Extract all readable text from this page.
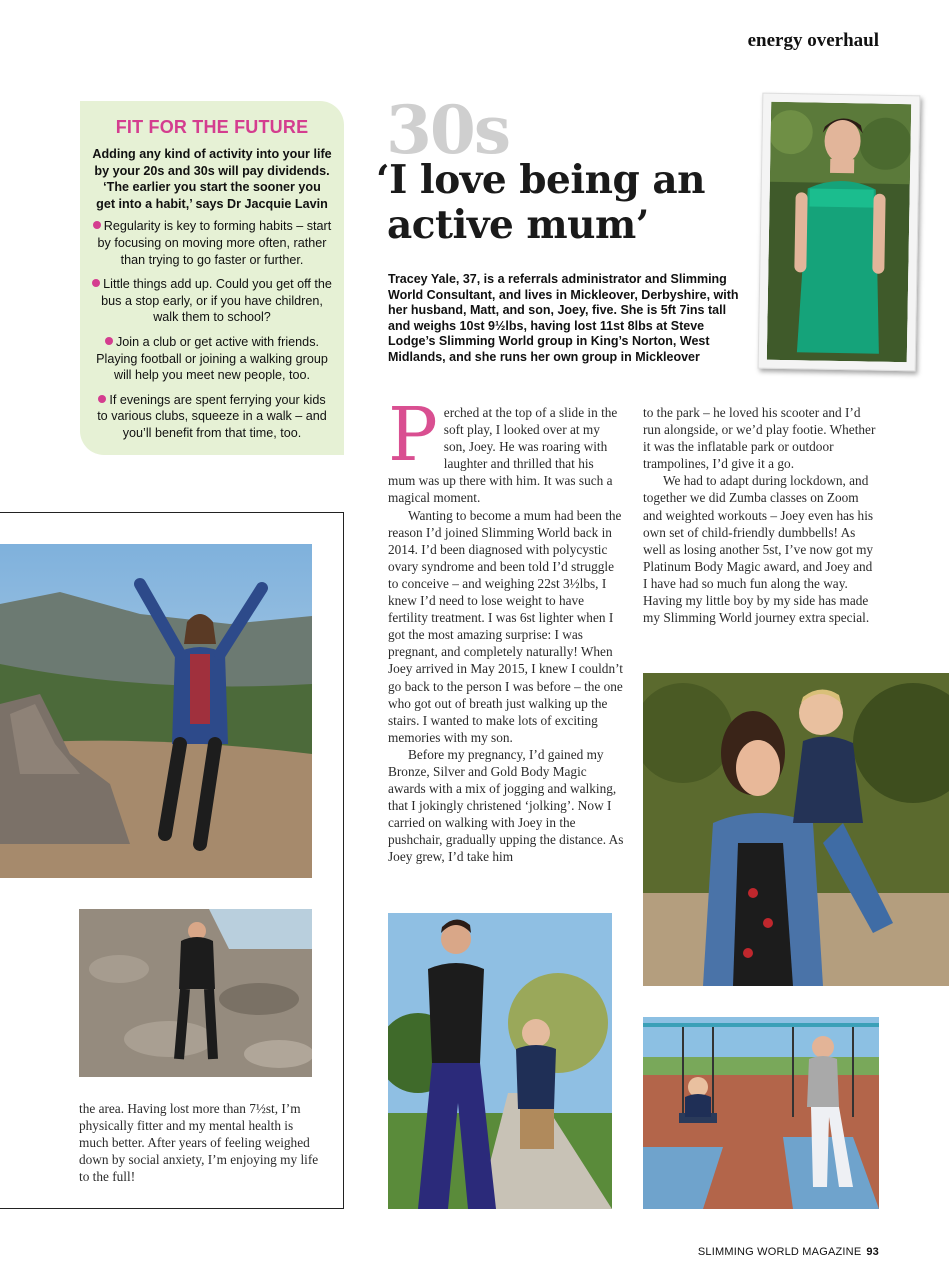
energy overhaul
FIT FOR THE FUTURE
Adding any kind of activity into your life by your 20s and 30s will pay dividends. ‘The earlier you start the sooner you get into a habit,’ says Dr Jacquie Lavin
Regularity is key to forming habits – start by focusing on moving more often, rather than trying to go faster or further.
Little things add up. Could you get off the bus a stop early, or if you have children, walk them to school?
Join a club or get active with friends. Playing football or joining a walking group will help you meet new people, too.
If evenings are spent ferrying your kids to various clubs, squeeze in a walk – and you’ll benefit from that time, too.
30s
‘I love being an
active mum’
Tracey Yale, 37, is a referrals administrator and Slimming World Consultant, and lives in Mickleover, Derbyshire, with her husband, Matt, and son, Joey, five. She is 5ft 7ins tall and weighs 10st 9½lbs, having lost 11st 8lbs at Steve Lodge’s Slimming World group in King’s Norton, West Midlands, and she runs her own group in Mickleover

Perched at the top of a slide in the soft play, I looked over at my son, Joey. He was roaring with laughter and thrilled that his mum was up there with him. It was such a magical moment.

Wanting to become a mum had been the reason I’d joined Slimming World back in 2014. I’d been diagnosed with polycystic ovary syndrome and been told I’d struggle to conceive – and weighing 22st 3½lbs, I knew I’d need to lose weight to have fertility treatment. I was 6st lighter when I got the most amazing surprise: I was pregnant, and completely naturally! When Joey arrived in May 2015, I knew I couldn’t go back to the person I was before – the one who got out of breath just walking up the stairs. I wanted to make lots of exciting memories with my son.

Before my pregnancy, I’d gained my Bronze, Silver and Gold Body Magic awards with a mix of jogging and walking, that I jokingly christened ‘jolking’. Now I carried on walking with Joey in the pushchair, gradually upping the distance. As Joey grew, I’d take him

to the park – he loved his scooter and I’d run alongside, or we’d play footie. Whether it was the inflatable park or outdoor trampolines, I’d give it a go.

We had to adapt during lockdown, and together we did Zumba classes on Zoom and weighted workouts – Joey even has his own set of child-friendly dumbbells! As well as losing another 5st, I’ve now got my Platinum Body Magic award, and Joey and I have had so much fun along the way. Having my little boy by my side has made my Slimming World journey extra special.

the area. Having lost more than 7½st, I’m physically fitter and my mental health is much better. After years of feeling weighed down by social anxiety, I’m enjoying my life to the full!

SLIMMING WORLD MAGAZINE 93
